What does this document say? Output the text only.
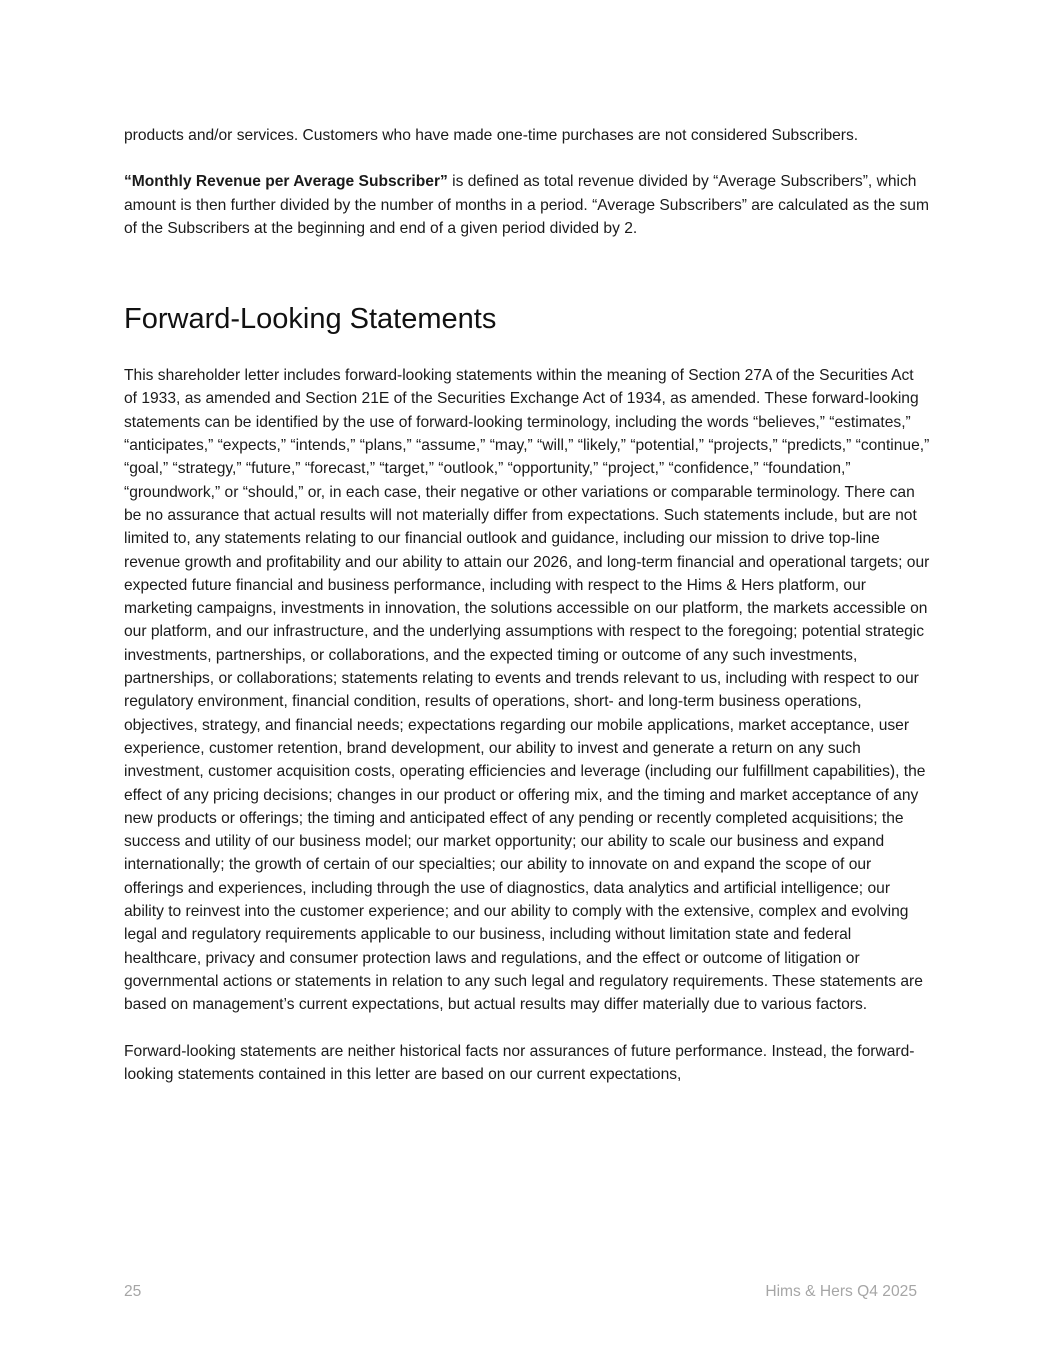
products and/or services. Customers who have made one-time purchases are not considered Subscribers.

“Monthly Revenue per Average Subscriber” is defined as total revenue divided by “Average Subscribers”, which amount is then further divided by the number of months in a period. “Average Subscribers” are calculated as the sum of the Subscribers at the beginning and end of a given period divided by 2.

Forward-Looking Statements

This shareholder letter includes forward-looking statements within the meaning of Section 27A of the Securities Act of 1933, as amended and Section 21E of the Securities Exchange Act of 1934, as amended. These forward-looking statements can be identified by the use of forward-looking terminology, including the words “believes,” “estimates,” “anticipates,” “expects,” “intends,” “plans,” “assume,” “may,” “will,” “likely,” “potential,” “projects,” “predicts,” “continue,” “goal,” “strategy,” “future,” “forecast,” “target,” “outlook,” “opportunity,” “project,” “confidence,” “foundation,” “groundwork,” or “should,” or, in each case, their negative or other variations or comparable terminology. There can be no assurance that actual results will not materially differ from expectations. Such statements include, but are not limited to, any statements relating to our financial outlook and guidance, including our mission to drive top-line revenue growth and profitability and our ability to attain our 2026, and long-term financial and operational targets; our expected future financial and business performance, including with respect to the Hims & Hers platform, our marketing campaigns, investments in innovation, the solutions accessible on our platform, the markets accessible on our platform, and our infrastructure, and the underlying assumptions with respect to the foregoing; potential strategic investments, partnerships, or collaborations, and the expected timing or outcome of any such investments, partnerships, or collaborations; statements relating to events and trends relevant to us, including with respect to our regulatory environment, financial condition, results of operations, short- and long-term business operations, objectives, strategy, and financial needs; expectations regarding our mobile applications, market acceptance, user experience, customer retention, brand development, our ability to invest and generate a return on any such investment, customer acquisition costs, operating efficiencies and leverage (including our fulfillment capabilities), the effect of any pricing decisions; changes in our product or offering mix, and the timing and market acceptance of any new products or offerings; the timing and anticipated effect of any pending or recently completed acquisitions; the success and utility of our business model; our market opportunity; our ability to scale our business and expand internationally; the growth of certain of our specialties; our ability to innovate on and expand the scope of our offerings and experiences, including through the use of diagnostics, data analytics and artificial intelligence; our ability to reinvest into the customer experience; and our ability to comply with the extensive, complex and evolving legal and regulatory requirements applicable to our business, including without limitation state and federal healthcare, privacy and consumer protection laws and regulations, and the effect or outcome of litigation or governmental actions or statements in relation to any such legal and regulatory requirements. These statements are based on management’s current expectations, but actual results may differ materially due to various factors.

Forward-looking statements are neither historical facts nor assurances of future performance. Instead, the forward-looking statements contained in this letter are based on our current expectations,

25	Hims & Hers Q4 2025
